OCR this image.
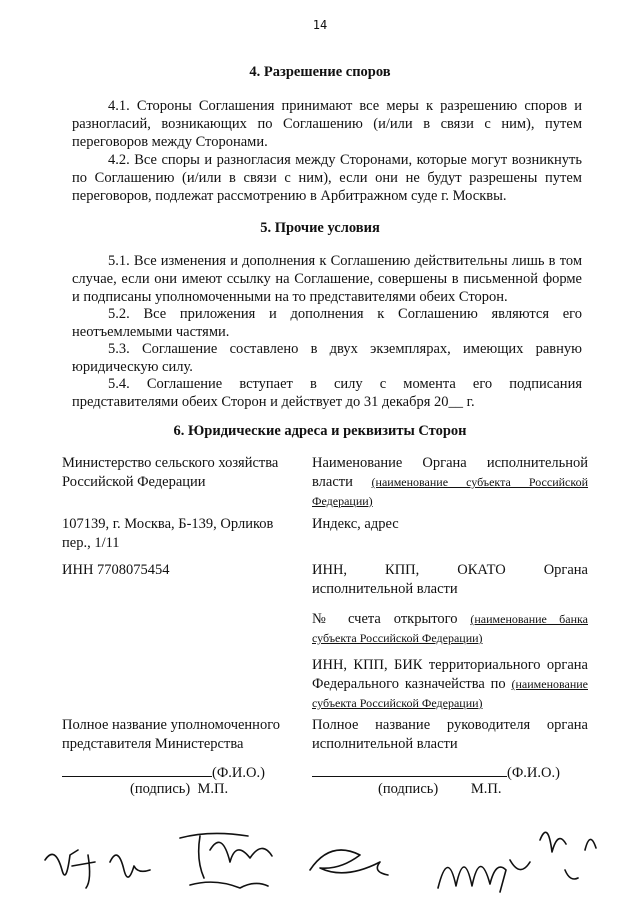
14
4. Разрешение споров

4.1. Стороны Соглашения принимают все меры к разрешению споров и разногласий, возникающих по Соглашению (и/или в связи с ним), путем переговоров между Сторонами.

4.2. Все споры и разногласия между Сторонами, которые могут возникнуть по Соглашению (и/или в связи с ним), если они не будут разрешены путем переговоров, подлежат рассмотрению в Арбитражном суде г. Москвы.

5. Прочие условия

5.1. Все изменения и дополнения к Соглашению действительны лишь в том случае, если они имеют ссылку на Соглашение, совершены в письменной форме и подписаны уполномоченными на то представителями обеих Сторон.

5.2. Все приложения и дополнения к Соглашению являются его неотъемлемыми частями.

5.3. Соглашение составлено в двух экземплярах, имеющих равную юридическую силу.

5.4. Соглашение вступает в силу с момента его подписания представителями обеих Сторон и действует до 31 декабря 20__ г.

6. Юридические адреса и реквизиты Сторон

Министерство сельского хозяйства Российской Федерации

107139, г. Москва, Б-139, Орликов пер., 1/11

ИНН 7708075454

Полное название уполномоченного представителя Министерства

Наименование Органа исполнительной власти (наименование субъекта Российской Федерации)

Индекс, адрес

ИНН, КПП, ОКАТО Органа исполнительной власти

№ счета открытого (наименование банка субъекта Российской Федерации)

ИНН, КПП, БИК территориального органа Федерального казначейства по (наименование субъекта Российской Федерации)

Полное название руководителя органа исполнительной власти

(Ф.И.О.)
(подпись) М.П.
(Ф.И.О.)
(подпись) М.П.
